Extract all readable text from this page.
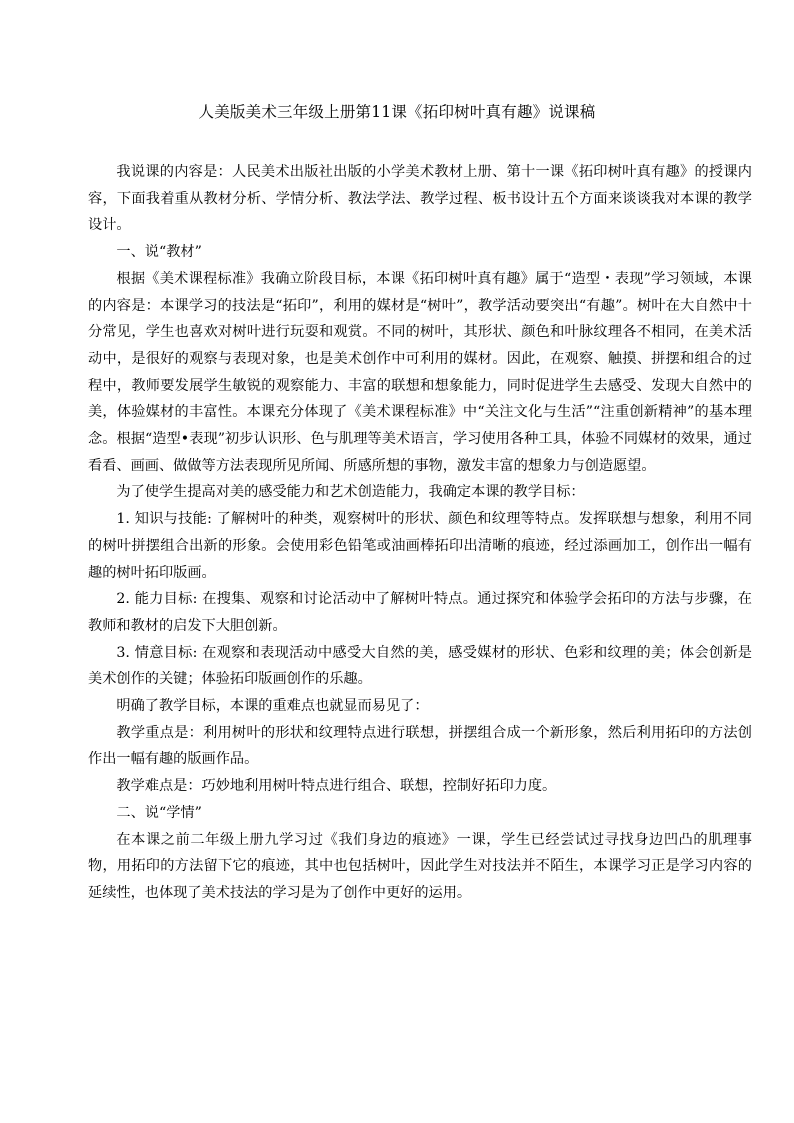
人美版美术三年级上册第11课《拓印树叶真有趣》说课稿

我说课的内容是：人民美术出版社出版的小学美术教材上册、第十一课《拓印树叶真有趣》的授课内容，下面我着重从教材分析、学情分析、教法学法、教学过程、板书设计五个方面来谈谈我对本课的教学设计。

一、说“教材”

根据《美术课程标准》我确立阶段目标，本课《拓印树叶真有趣》属于“造型・表现”学习领域，本课的内容是：本课学习的技法是“拓印”，利用的媒材是“树叶”，教学活动要突出“有趣”。树叶在大自然中十分常见，学生也喜欢对树叶进行玩耍和观赏。不同的树叶，其形状、颜色和叶脉纹理各不相同，在美术活动中，是很好的观察与表现对象，也是美术创作中可利用的媒材。因此，在观察、触摸、拼摆和组合的过程中，教师要发展学生敏锐的观察能力、丰富的联想和想象能力，同时促进学生去感受、发现大自然中的美，体验媒材的丰富性。本课充分体现了《美术课程标准》中“关注文化与生活”“注重创新精神”的基本理念。根据“造型•表现”初步认识形、色与肌理等美术语言，学习使用各种工具，体验不同媒材的效果，通过看看、画画、做做等方法表现所见所闻、所感所想的事物，激发丰富的想象力与创造愿望。

为了使学生提高对美的感受能力和艺术创造能力，我确定本课的教学目标：

1. 知识与技能: 了解树叶的种类，观察树叶的形状、颜色和纹理等特点。发挥联想与想象，利用不同的树叶拼摆组合出新的形象。会使用彩色铅笔或油画棒拓印出清晰的痕迹，经过添画加工，创作出一幅有趣的树叶拓印版画。

2. 能力目标: 在搜集、观察和讨论活动中了解树叶特点。通过探究和体验学会拓印的方法与步骤，在教师和教材的启发下大胆创新。

3. 情意目标: 在观察和表现活动中感受大自然的美，感受媒材的形状、色彩和纹理的美；体会创新是美术创作的关键；体验拓印版画创作的乐趣。

明确了教学目标，本课的重难点也就显而易见了：

教学重点是：利用树叶的形状和纹理特点进行联想，拼摆组合成一个新形象，然后利用拓印的方法创作出一幅有趣的版画作品。

教学难点是：巧妙地利用树叶特点进行组合、联想，控制好拓印力度。

二、说“学情”

在本课之前二年级上册九学习过《我们身边的痕迹》一课，学生已经尝试过寻找身边凹凸的肌理事物，用拓印的方法留下它的痕迹，其中也包括树叶，因此学生对技法并不陌生，本课学习正是学习内容的延续性，也体现了美术技法的学习是为了创作中更好的运用。
